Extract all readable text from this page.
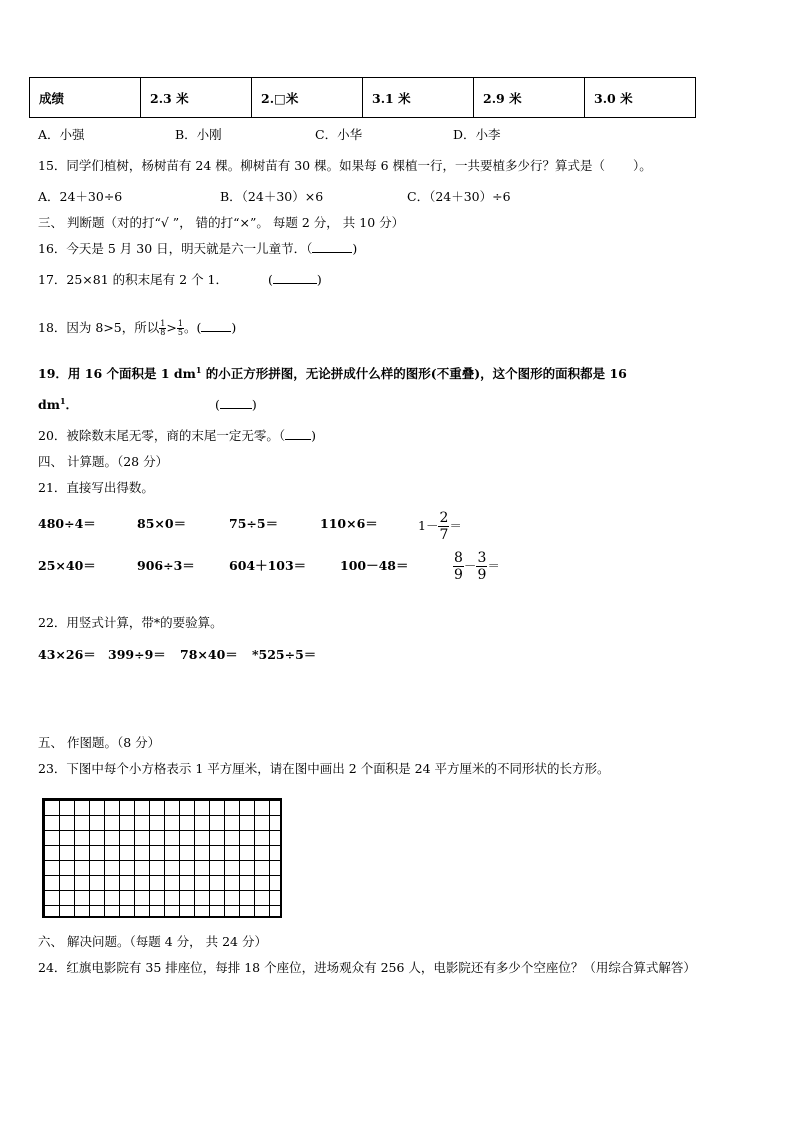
成绩	2.3 米	2.□米	3.1 米	2.9 米	3.0 米
A．小强	B．小刚	C．小华	D．小李
15．同学们植树，杨树苗有 24 棵。柳树苗有 30 棵。如果每 6 棵植一行，一共要植多少行？算式是（ ）。
A．24＋30÷6	B．（24＋30）×6	C．（24＋30）÷6
三、 判断题（对的打“√ ”， 错的打“×”。 每题 2 分， 共 10 分）
16．今天是 5 月 30 日，明天就是六一儿童节．（	)
17．25×81 的积末尾有 2 个 1．	(	)
18．因为 8>5，所以 $\frac{1}{8} > \frac{1}{5}$ 。( )
19．用 16 个面积是 1 $dm^1$ 的小正方形拼图，无论拼成什么样的图形(不重叠)，这个图形的面积都是 16
$dm^1$．	(	)
20．被除数末尾无零，商的末尾一定无零。（ )
四、 计算题。（28 分）
21．直接写出得数。
480÷4＝	85×0＝	75÷5＝	110×6＝	$1- \frac{2}{7}$ ＝
25×40＝	906÷3＝	604＋103＝	100－48＝	$\frac{8}{9} - \frac{3}{9}$ ＝
22．用竖式计算，带*的要验算。
43×26＝ 399÷9＝ 78×40＝ *525÷5＝
五、 作图题。（8 分）
23．下图中每个小方格表示 1 平方厘米，请在图中画出 2 个面积是 24 平方厘米的不同形状的长方形。
六、 解决问题。（每题 4 分， 共 24 分）
24．红旗电影院有 35 排座位，每排 18 个座位，进场观众有 256 人，电影院还有多少个空座位？（用综合算式解答）
